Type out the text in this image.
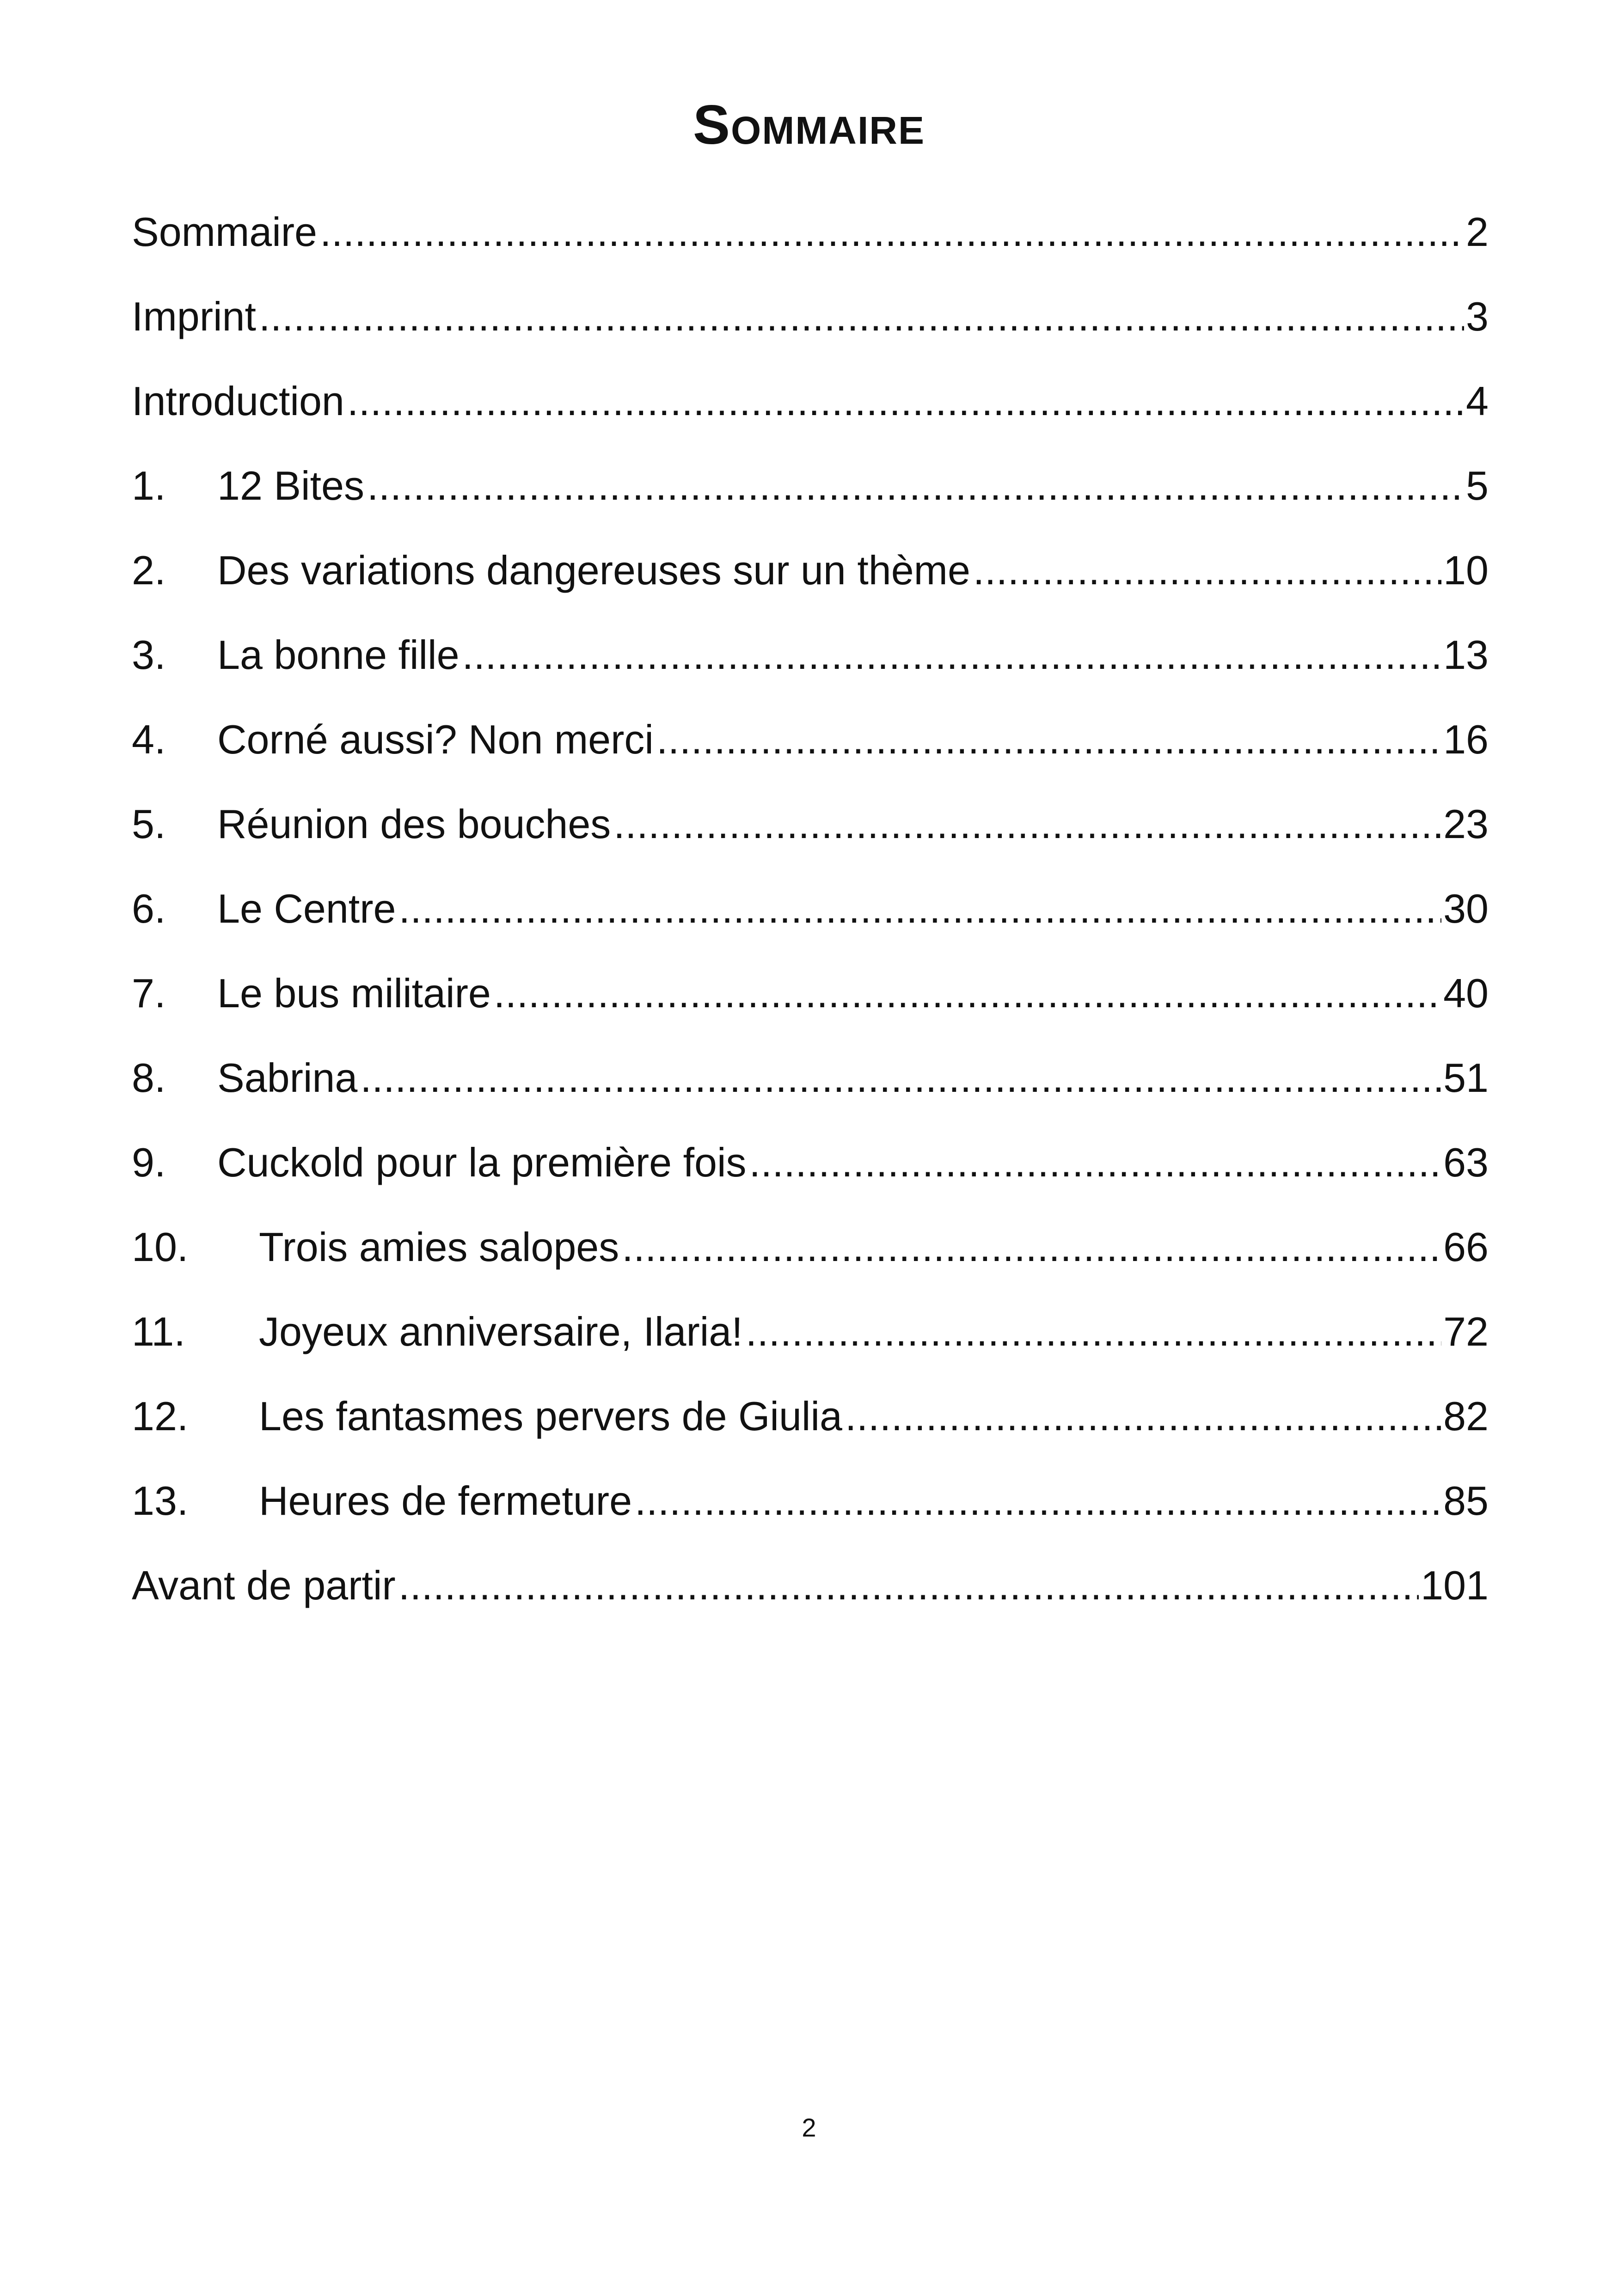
Sommaire
Sommaire .....	2
Imprint .....	3
Introduction .....	4
1.	12 Bites .....	5
2.	Des variations dangereuses sur un thème .....	10
3.	La bonne fille .....	13
4.	Corné aussi? Non merci .....	16
5.	Réunion des bouches .....	23
6.	Le Centre .....	30
7.	Le bus militaire .....	40
8.	Sabrina .....	51
9.	Cuckold pour la première fois .....	63
10.	Trois amies salopes .....	66
11.	Joyeux anniversaire, Ilaria! .....	72
12.	Les fantasmes pervers de Giulia .....	82
13.	Heures de fermeture .....	85
Avant de partir .....	101
2
